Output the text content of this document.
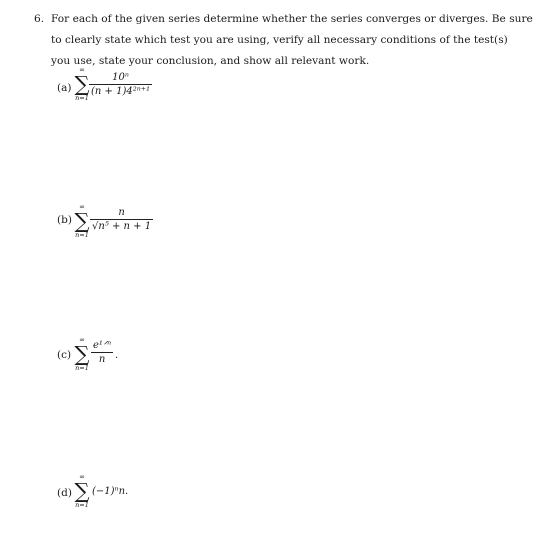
6. For each of the given series determine whether the series converges or diverges. Be sure
to clearly state which test you are using, verify all necessary conditions of the test(s)
you use, state your conclusion, and show all relevant work.
(a)
∞
∑
n=1
$\frac{\text{10ⁿ}}{\text{(n + 1)4²ⁿ⁺¹}}$
(b)
∞
∑
n=1
$\frac{n}{\text{√n⁵ + n + 1}}$
(c)
∞
∑
n=1
e¹ᐟⁿ
n .
(d)
∞
∑
n=1
(−1)ⁿn.
